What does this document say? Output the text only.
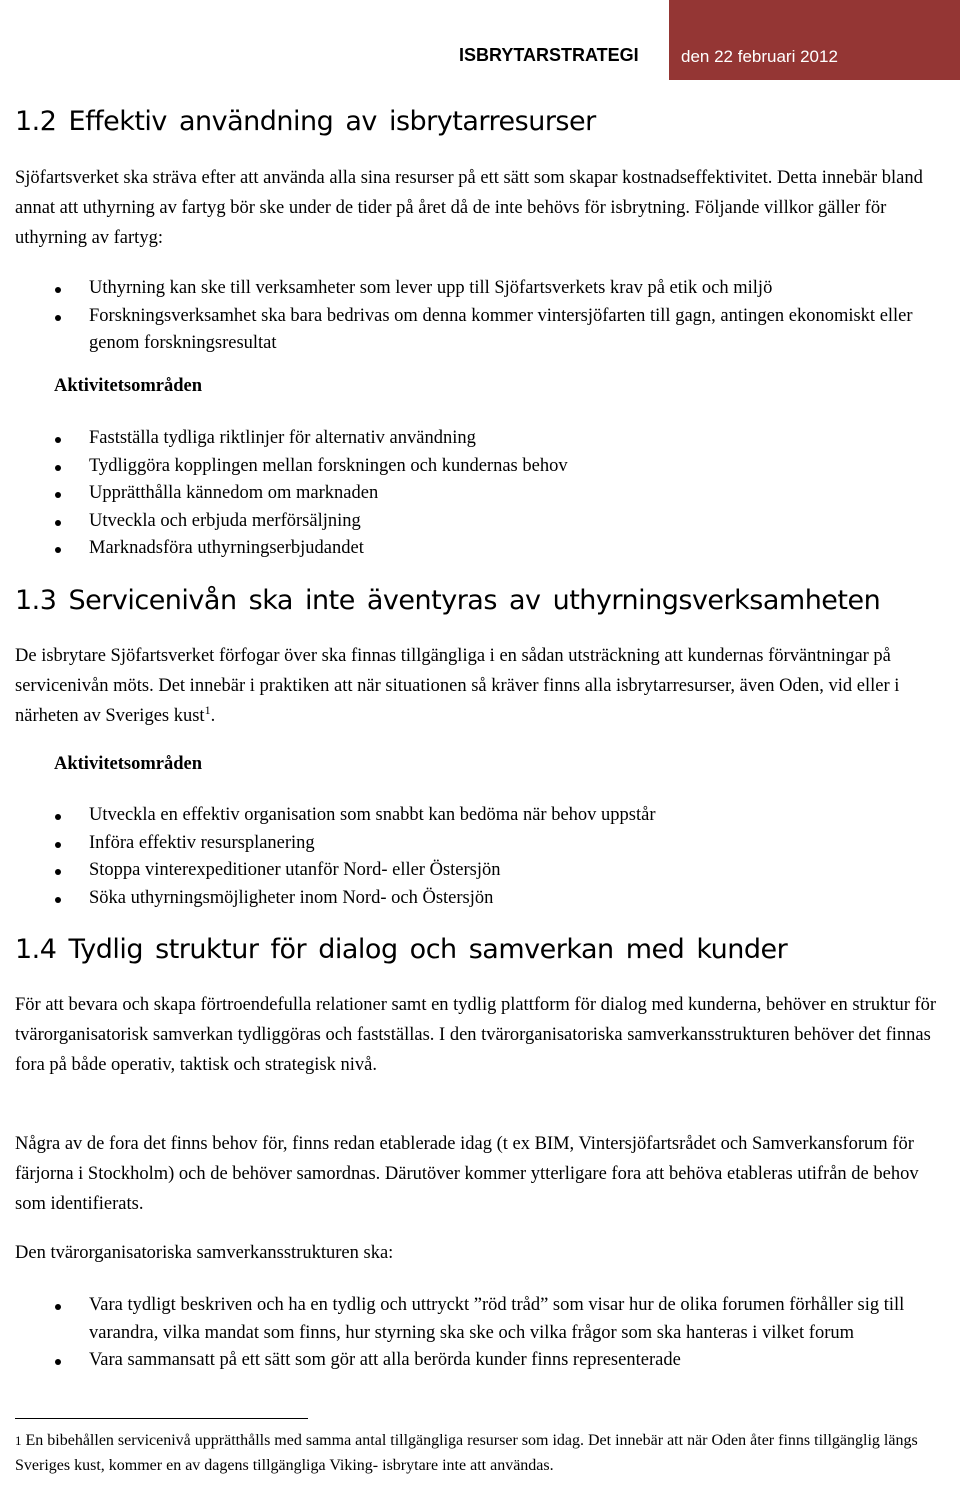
ISBRYTARSTRATEGI	den 22 februari 2012
1.2 Effektiv användning av isbrytarresurser

Sjöfartsverket ska sträva efter att använda alla sina resurser på ett sätt som skapar kostnadseffektivitet. Detta innebär bland annat att uthyrning av fartyg bör ske under de tider på året då de inte behövs för isbrytning. Följande villkor gäller för uthyrning av fartyg:

Uthyrning kan ske till verksamheter som lever upp till Sjöfartsverkets krav på etik och miljö
Forskningsverksamhet ska bara bedrivas om denna kommer vintersjöfarten till gagn, antingen ekonomiskt eller genom forskningsresultat
Aktivitetsområden
Fastställa tydliga riktlinjer för alternativ användning
Tydliggöra kopplingen mellan forskningen och kundernas behov
Upprätthålla kännedom om marknaden
Utveckla och erbjuda merförsäljning
Marknadsföra uthyrningserbjudandet
1.3 Servicenivån ska inte äventyras av uthyrningsverksamheten

De isbrytare Sjöfartsverket förfogar över ska finnas tillgängliga i en sådan utsträckning att kundernas förväntningar på servicenivån möts. Det innebär i praktiken att när situationen så kräver finns alla isbrytarresurser, även Oden, vid eller i närheten av Sveriges kust$^1$.

Aktivitetsområden
Utveckla en effektiv organisation som snabbt kan bedöma när behov uppstår
Införa effektiv resursplanering
Stoppa vinterexpeditioner utanför Nord- eller Östersjön
Söka uthyrningsmöjligheter inom Nord- och Östersjön
1.4 Tydlig struktur för dialog och samverkan med kunder

För att bevara och skapa förtroendefulla relationer samt en tydlig plattform för dialog med kunderna, behöver en struktur för tvärorganisatorisk samverkan tydliggöras och fastställas. I den tvärorganisatoriska samverkansstrukturen behöver det finnas fora på både operativ, taktisk och strategisk nivå.

Några av de fora det finns behov för, finns redan etablerade idag (t ex BIM, Vintersjöfartsrådet och Samverkansforum för färjorna i Stockholm) och de behöver samordnas. Därutöver kommer ytterligare fora att behöva etableras utifrån de behov som identifierats.

Den tvärorganisatoriska samverkansstrukturen ska:

Vara tydligt beskriven och ha en tydlig och uttryckt ”röd tråd” som visar hur de olika forumen förhåller sig till varandra, vilka mandat som finns, hur styrning ska ske och vilka frågor som ska hanteras i vilket forum
Vara sammansatt på ett sätt som gör att alla berörda kunder finns representerade

$^1$ En bibehållen servicenivå upprätthålls med samma antal tillgängliga resurser som idag. Det innebär att när Oden åter finns tillgänglig längs Sveriges kust, kommer en av dagens tillgängliga Viking- isbrytare inte att användas.
